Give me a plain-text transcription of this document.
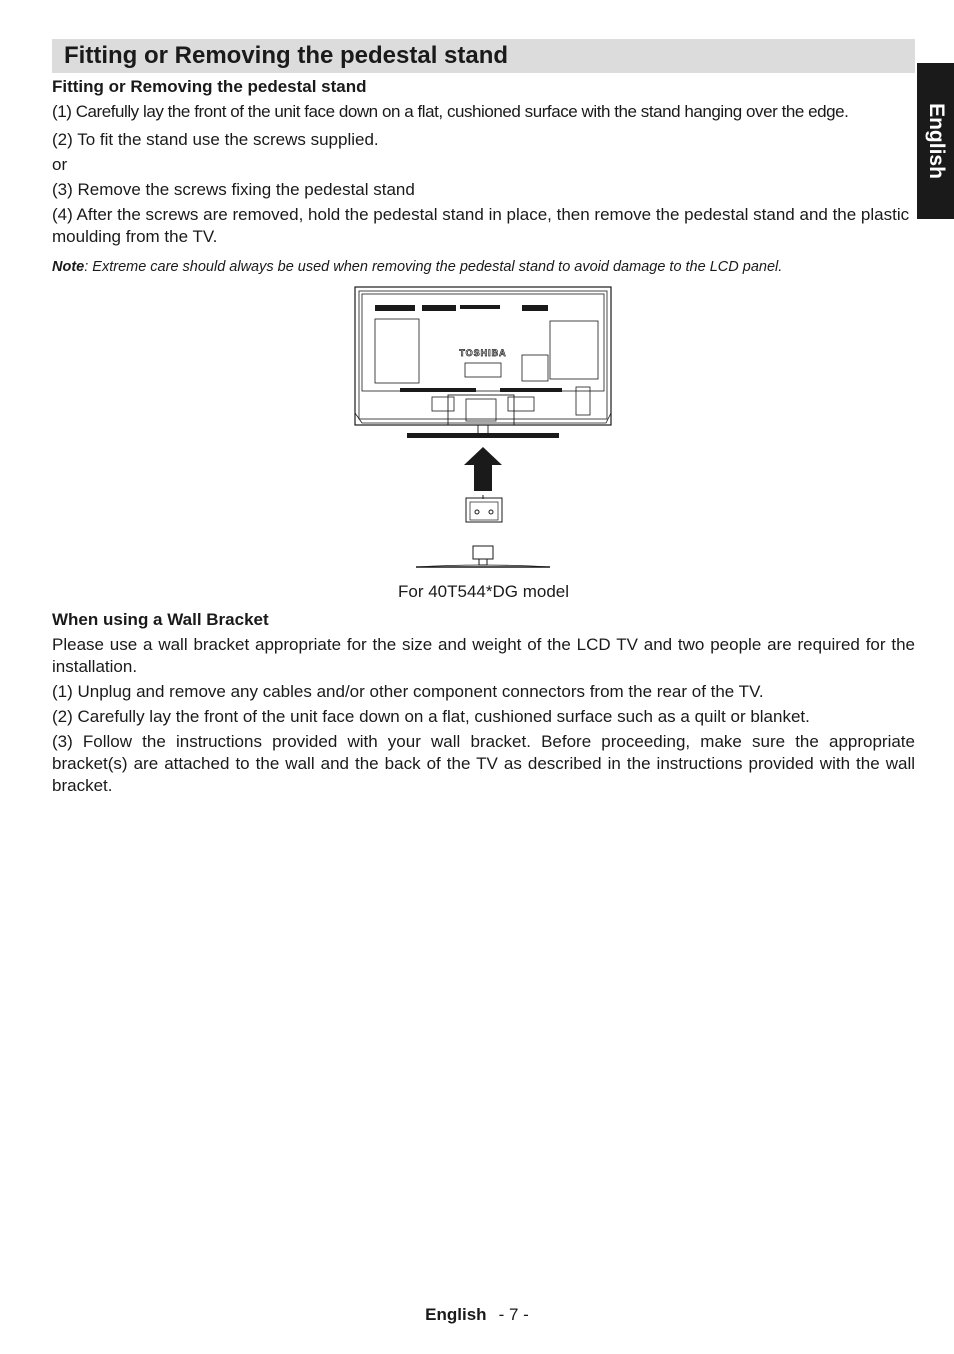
Fitting or Removing the pedestal stand
English
Fitting or Removing the pedestal stand
(1) Carefully lay the front of the unit face down on a flat, cushioned surface with the stand hanging over the edge.
(2) To fit the stand use the screws supplied.
or
(3) Remove the screws fixing the pedestal stand
(4) After the screws are removed, hold the pedestal stand in place, then remove the pedestal stand and the plastic moulding from the TV.
Note: Extreme care should always be used when removing the pedestal stand to avoid damage to the LCD panel.
TOSHIBA
For 40T544*DG model
When using a Wall Bracket
Please use a wall bracket appropriate for the size and weight of the LCD TV and two people are required for the installation.
(1) Unplug and remove any cables and/or other component connectors from the rear of the TV.
(2) Carefully lay the front of the unit face down on a flat, cushioned surface such as a quilt or blanket.
(3) Follow the instructions provided with your wall bracket. Before proceeding, make sure the appropriate bracket(s) are attached to the wall and the back of the TV as described in the instructions provided with the wall bracket.
English - 7 -
